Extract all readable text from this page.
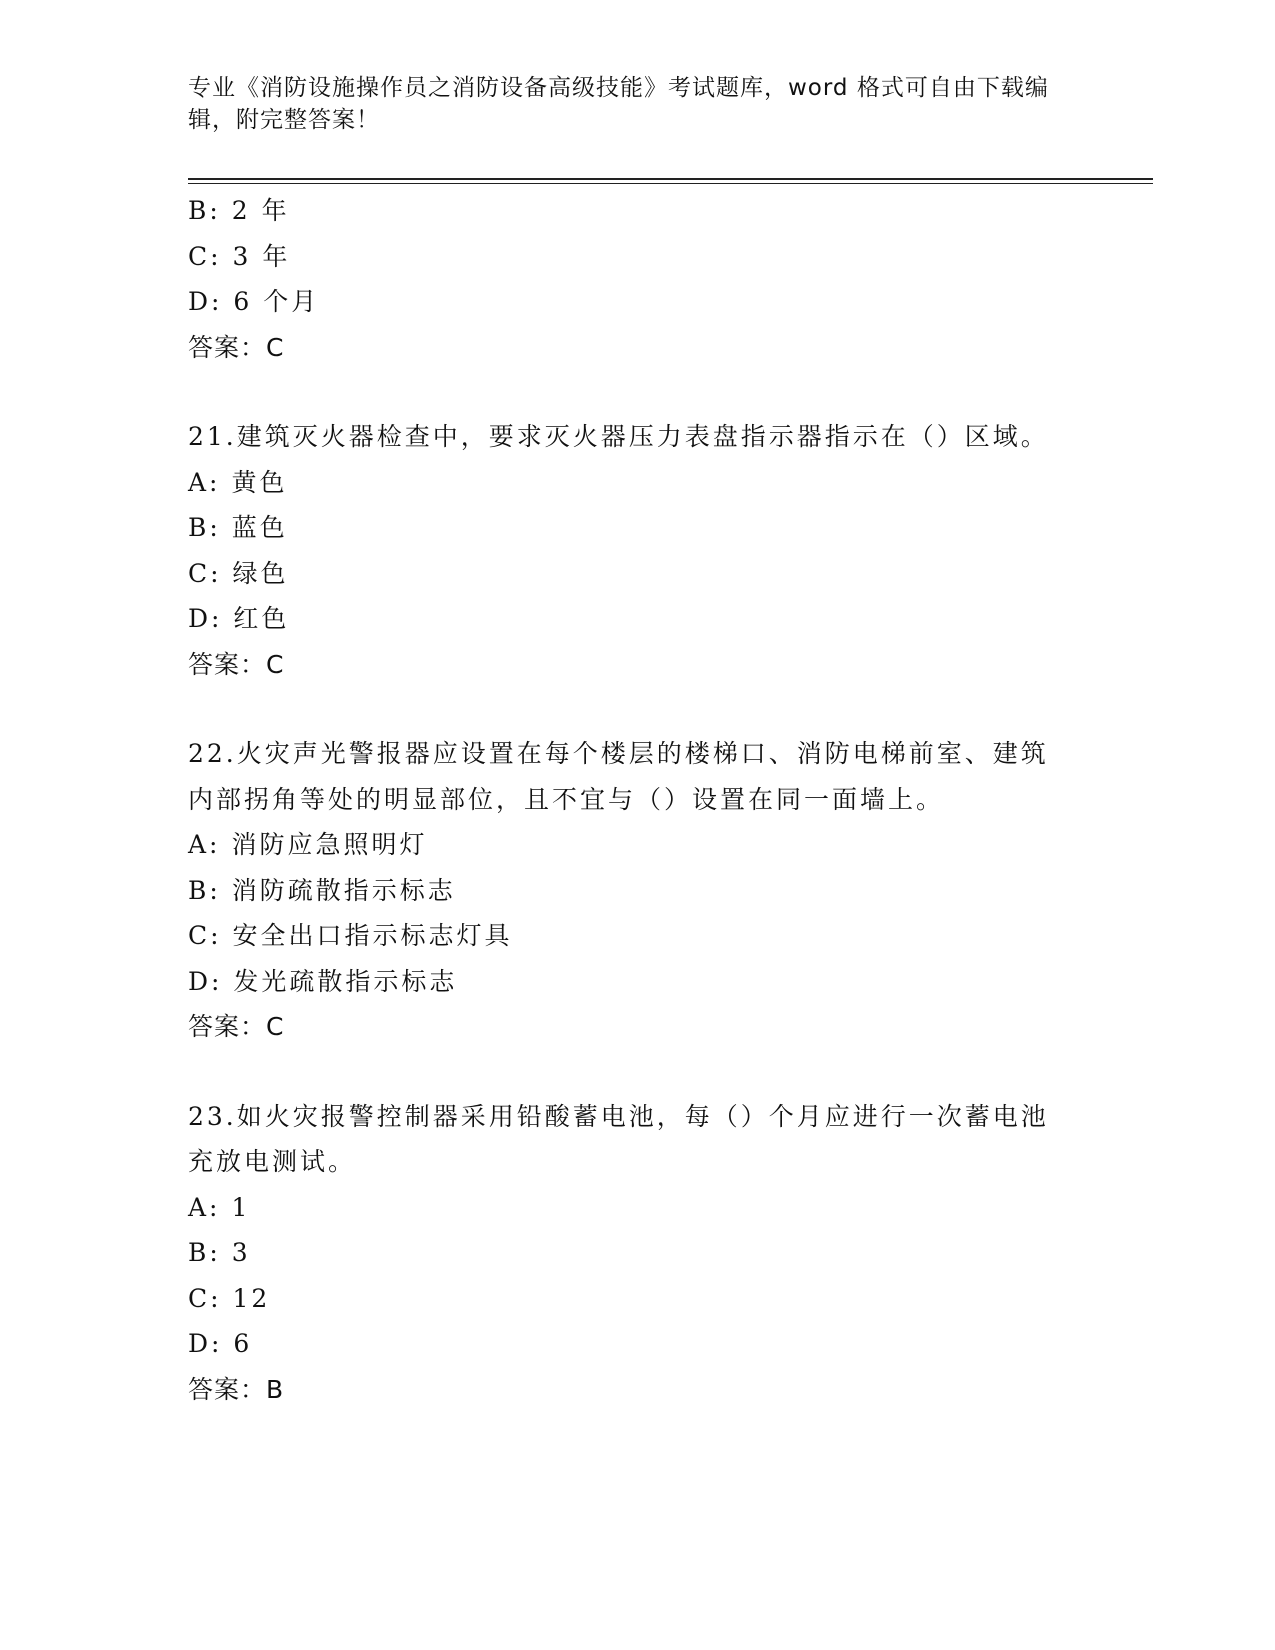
专业《消防设施操作员之消防设备高级技能》考试题库，word 格式可自由下载编
辑，附完整答案！
B: 2 年
C: 3 年
D: 6 个月
答案：C
21.建筑灭火器检查中，要求灭火器压力表盘指示器指示在（）区域。
A: 黄色
B: 蓝色
C: 绿色
D: 红色
答案：C
22.火灾声光警报器应设置在每个楼层的楼梯口、消防电梯前室、建筑
内部拐角等处的明显部位，且不宜与（）设置在同一面墙上。
A: 消防应急照明灯
B: 消防疏散指示标志
C: 安全出口指示标志灯具
D: 发光疏散指示标志
答案：C
23.如火灾报警控制器采用铅酸蓄电池，每（）个月应进行一次蓄电池
充放电测试。
A: 1
B: 3
C: 12
D: 6
答案：B
